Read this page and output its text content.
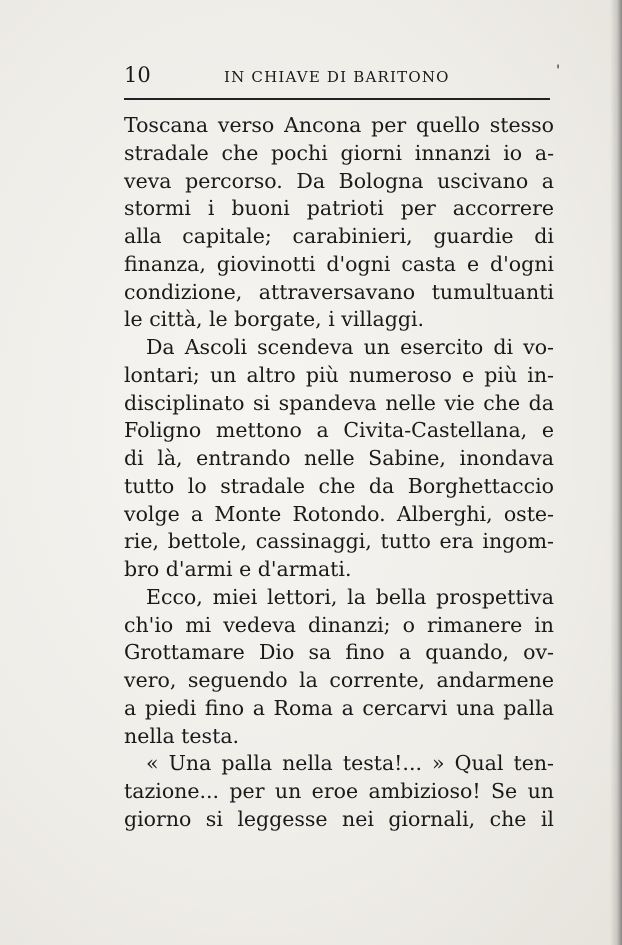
10	IN CHIAVE DI BARITONO	'
Toscana verso Ancona per quello stesso
stradale che pochi giorni innanzi io a-
veva percorso. Da Bologna uscivano a
stormi i buoni patrioti per accorrere
alla capitale; carabinieri, guardie di
finanza, giovinotti d'ogni casta e d'ogni
condizione, attraversavano tumultuanti
le città, le borgate, i villaggi.
Da Ascoli scendeva un esercito di vo-
lontari; un altro più numeroso e più in-
disciplinato si spandeva nelle vie che da
Foligno mettono a Civita-Castellana, e
di là, entrando nelle Sabine, inondava
tutto lo stradale che da Borghettaccio
volge a Monte Rotondo. Alberghi, oste-
rie, bettole, cassinaggi, tutto era ingom-
bro d'armi e d'armati.
Ecco, miei lettori, la bella prospettiva
ch'io mi vedeva dinanzi; o rimanere in
Grottamare Dio sa fino a quando, ov-
vero, seguendo la corrente, andarmene
a piedi fino a Roma a cercarvi una palla
nella testa.
« Una palla nella testa!... » Qual ten-
tazione... per un eroe ambizioso! Se un
giorno si leggesse nei giornali, che il
